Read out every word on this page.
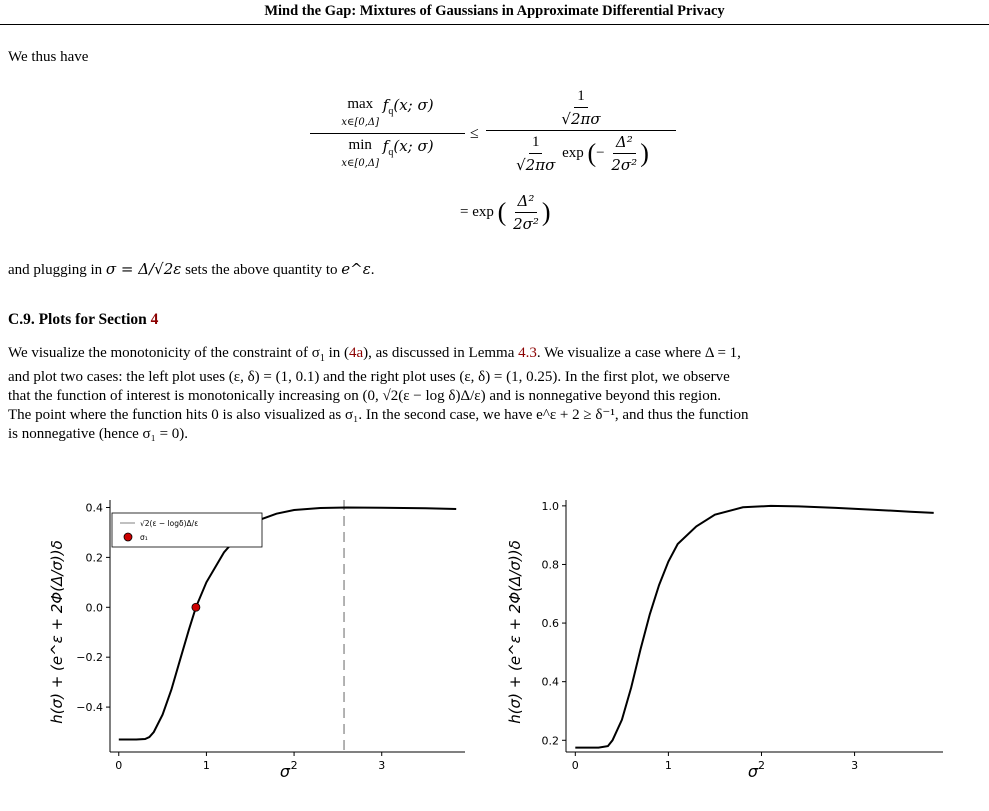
Mind the Gap: Mixtures of Gaussians in Approximate Differential Privacy
We thus have
max
x∈[0,Δ] $f_q(x$; σ)
min
x∈[0,Δ] $f_q(x$; σ)
≤
$\frac{1}{√2\pi\sigma}$
$\frac{1}{√2\pi\sigma}$ exp (− $\frac{\text{Δ²}}{\text{2σ²}}$ )
= exp ( $\frac{\text{Δ²}}{\text{2σ²}}$ )
and plugging in σ = Δ/√2ε sets the above quantity to e^ε.
C.9. Plots for Section 4
We visualize the monotonicity of the constraint of $\sigma_1$ in (4a), as discussed in Lemma 4.3. We visualize a case where Δ = 1,
and plot two cases: the left plot uses (ε, δ) = (1, 0.1) and the right plot uses (ε, δ) = (1, 0.25). In the first plot, we observe
that the function of interest is monotonically increasing on (0, √2(ε − log δ)Δ/ε) and is nonnegative beyond this region.
The point where the function hits 0 is also visualized as σ₁. In the second case, we have e^ε + 2 ≥ δ⁻¹, and thus the function
is nonnegative (hence σ₁ = 0).
0.4
0.2
0.0
−0.2
−0.4
0	1	2	3
√2(ε − logδ)Δ/ε
σ₁
h(σ) + (e^ε + 2Φ(Δ/σ))δ
σ
1.0
0.8
0.6
0.4
0.2
0	1	2	3
h(σ) + (e^ε + 2Φ(Δ/σ))δ
σ
